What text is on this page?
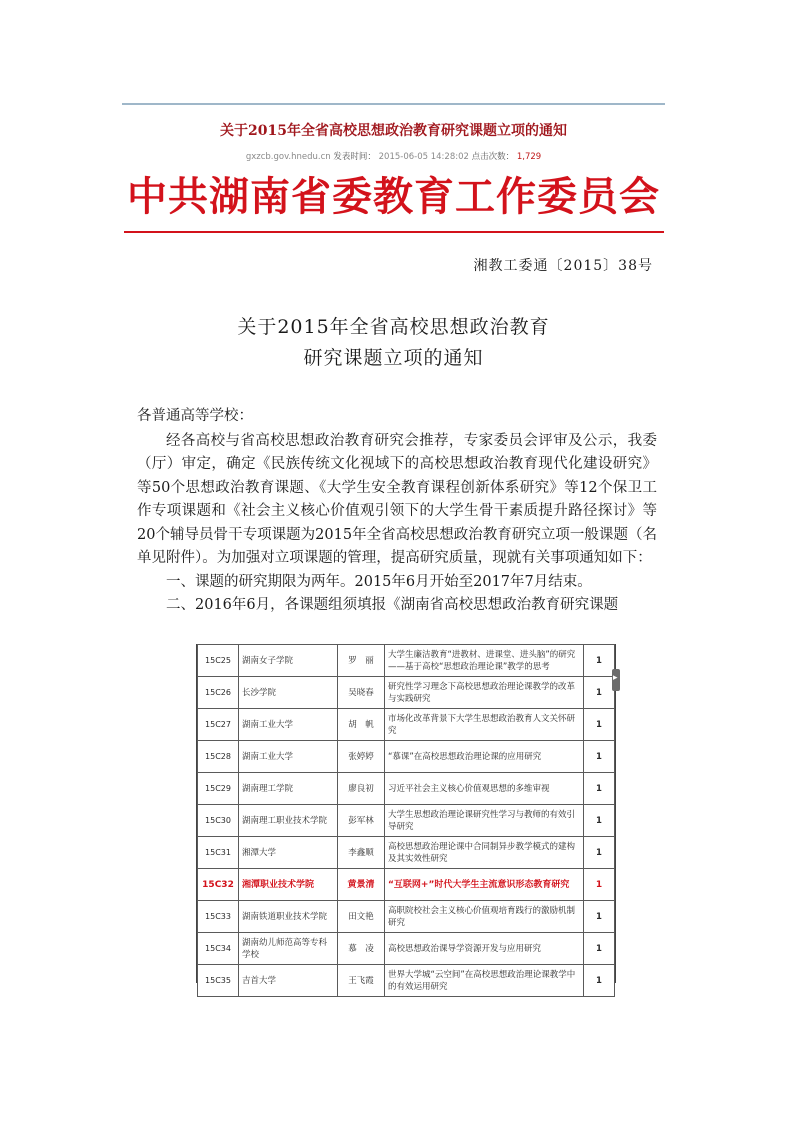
关于2015年全省高校思想政治教育研究课题立项的通知
gxzcb.gov.hnedu.cn 发表时间： 2015-06-05 14:28:02 点击次数： 1,729
中共湖南省委教育工作委员会
湘教工委通〔2015〕38号
关于2015年全省高校思想政治教育
研究课题立项的通知

各普通高等学校：

经各高校与省高校思想政治教育研究会推荐，专家委员会评审及公示，我委（厅）审定，确定《民族传统文化视域下的高校思想政治教育现代化建设研究》等50个思想政治教育课题、《大学生安全教育课程创新体系研究》等12个保卫工作专项课题和《社会主义核心价值观引领下的大学生骨干素质提升路径探讨》等20个辅导员骨干专项课题为2015年全省高校思想政治教育研究立项一般课题（名单见附件）。为加强对立项课题的管理，提高研究质量，现就有关事项通知如下：

一、课题的研究期限为两年。2015年6月开始至2017年7月结束。

二、2016年6月，各课题组须填报《湖南省高校思想政治教育研究课题

15C25	湖南女子学院	罗　丽	大学生廉洁教育“进教材、进课堂、进头脑”的研究——基于高校“思想政治理论课”教学的思考	1
15C26	长沙学院	吴晓春	研究性学习理念下高校思想政治理论课教学的改革与实践研究	1
15C27	湖南工业大学	胡　帆	市场化改革背景下大学生思想政治教育人文关怀研究	1
15C28	湖南工业大学	张婷婷	“慕课”在高校思想政治理论课的应用研究	1
15C29	湖南理工学院	廖良初	习近平社会主义核心价值观思想的多维审视	1
15C30	湖南理工职业技术学院	彭军林	大学生思想政治理论课研究性学习与教师的有效引导研究	1
15C31	湘潭大学	李鑫顺	高校思想政治理论课中合同制异步教学模式的建构及其实效性研究	1
15C32	湘潭职业技术学院	黄景清	“互联网+”时代大学生主流意识形态教育研究	1
15C33	湖南铁道职业技术学院	田文艳	高职院校社会主义核心价值观培育践行的激励机制研究	1
15C34	湖南幼儿师范高等专科学校	慕　凌	高校思想政治课导学资源开发与应用研究	1
15C35	吉首大学	王飞霞	世界大学城“云空间”在高校思想政治理论课教学中的有效运用研究	1
▸
